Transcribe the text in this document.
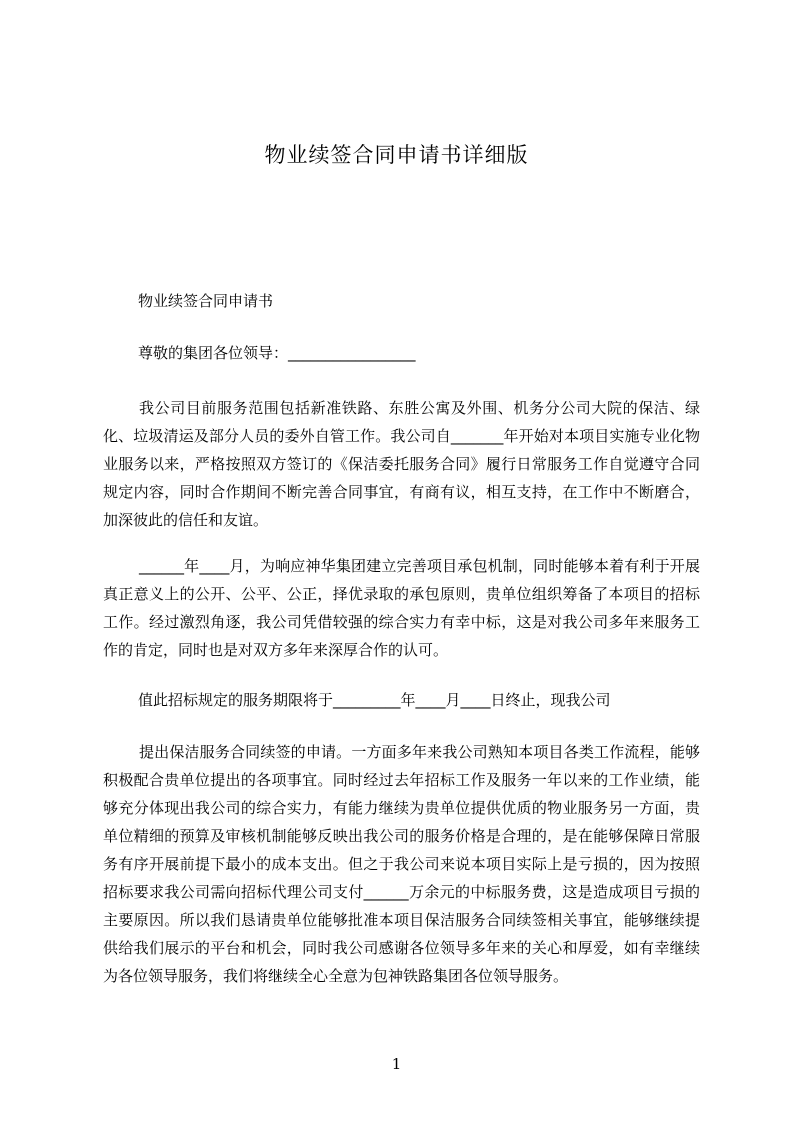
物业续签合同申请书详细版
物业续签合同申请书
尊敬的集团各位领导：_________________
我公司目前服务范围包括新准铁路、东胜公寓及外围、机务分公司大院的保洁、绿化、垃圾清运及部分人员的委外自管工作。我公司自_______年开始对本项目实施专业化物业服务以来，严格按照双方签订的《保洁委托服务合同》履行日常服务工作自觉遵守合同规定内容，同时合作期间不断完善合同事宜，有商有议，相互支持，在工作中不断磨合，加深彼此的信任和友谊。
______年____月，为响应神华集团建立完善项目承包机制，同时能够本着有利于开展真正意义上的公开、公平、公正，择优录取的承包原则，贵单位组织筹备了本项目的招标工作。经过激烈角逐，我公司凭借较强的综合实力有幸中标，这是对我公司多年来服务工作的肯定，同时也是对双方多年来深厚合作的认可。
值此招标规定的服务期限将于_________年____月____日终止，现我公司
提出保洁服务合同续签的申请。一方面多年来我公司熟知本项目各类工作流程，能够积极配合贵单位提出的各项事宜。同时经过去年招标工作及服务一年以来的工作业绩，能够充分体现出我公司的综合实力，有能力继续为贵单位提供优质的物业服务另一方面，贵单位精细的预算及审核机制能够反映出我公司的服务价格是合理的，是在能够保障日常服务有序开展前提下最小的成本支出。但之于我公司来说本项目实际上是亏损的，因为按照招标要求我公司需向招标代理公司支付______万余元的中标服务费，这是造成项目亏损的主要原因。所以我们恳请贵单位能够批准本项目保洁服务合同续签相关事宜，能够继续提供给我们展示的平台和机会，同时我公司感谢各位领导多年来的关心和厚爱，如有幸继续为各位领导服务，我们将继续全心全意为包神铁路集团各位领导服务。
1
